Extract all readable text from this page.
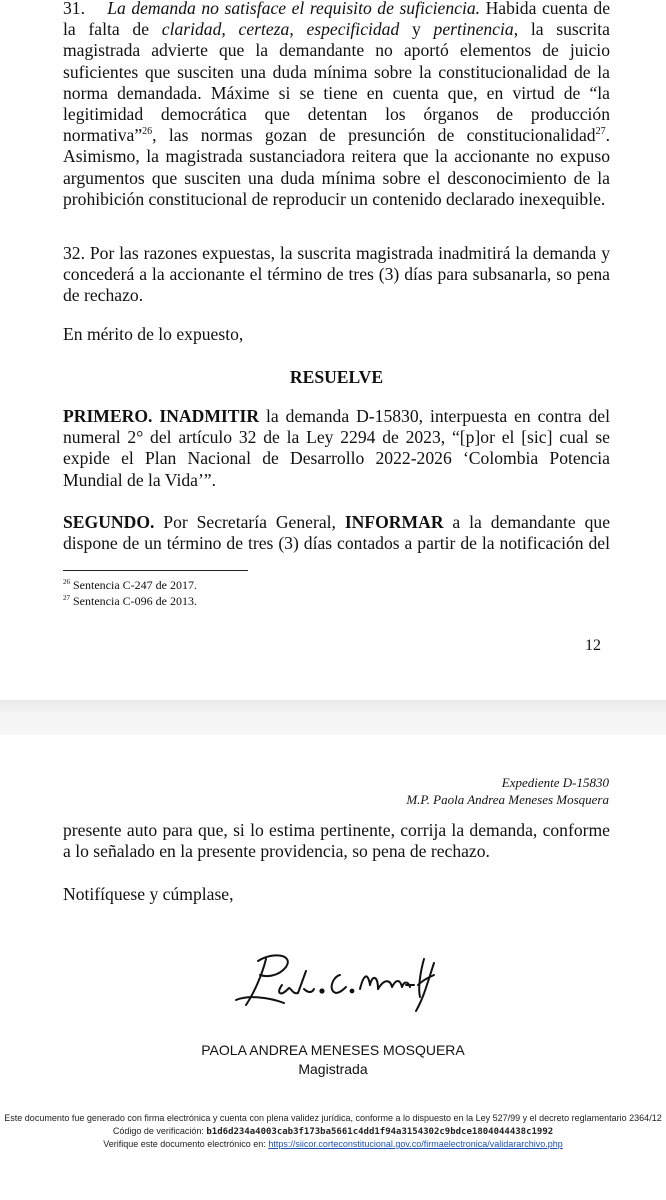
31. La demanda no satisface el requisito de suficiencia. Habida cuenta de la falta de claridad, certeza, especificidad y pertinencia, la suscrita magistrada advierte que la demandante no aportó elementos de juicio suficientes que susciten una duda mínima sobre la constitucionalidad de la norma demandada. Máxime si se tiene en cuenta que, en virtud de “la legitimidad democrática que detentan los órganos de producción normativa”$^{26}$, las normas gozan de presunción de constitucionalidad$^{27}$. Asimismo, la magistrada sustanciadora reitera que la accionante no expuso argumentos que susciten una duda mínima sobre el desconocimiento de la prohibición constitucional de reproducir un contenido declarado inexequible.

32. Por las razones expuestas, la suscrita magistrada inadmitirá la demanda y concederá a la accionante el término de tres (3) días para subsanarla, so pena de rechazo.

En mérito de lo expuesto,

RESUELVE

PRIMERO. INADMITIR la demanda D-15830, interpuesta en contra del numeral 2° del artículo 32 de la Ley 2294 de 2023, “[p]or el [sic] cual se expide el Plan Nacional de Desarrollo 2022-2026 ‘Colombia Potencia Mundial de la Vida’”.

SEGUNDO. Por Secretaría General, INFORMAR a la demandante que dispone de un término de tres (3) días contados a partir de la notificación del

$^{26}$ Sentencia C-247 de 2017.
$^{27}$ Sentencia C-096 de 2013.
12
Expediente D-15830
M.P. Paola Andrea Meneses Mosquera

presente auto para que, si lo estima pertinente, corrija la demanda, conforme a lo señalado en la presente providencia, so pena de rechazo.

Notifíquese y cúmplase,

PAOLA ANDREA MENESES MOSQUERA
Magistrada
Este documento fue generado con firma electrónica y cuenta con plena validez jurídica, conforme a lo dispuesto en la Ley 527/99 y el decreto reglamentario 2364/12
Código de verificación: b1d6d234a4003cab3f173ba5661c4dd1f94a3154302c9bdce1804044438c1992
Verifique este documento electrónico en: https://siicor.corteconstitucional.gov.co/firmaelectronica/validararchivo.php
